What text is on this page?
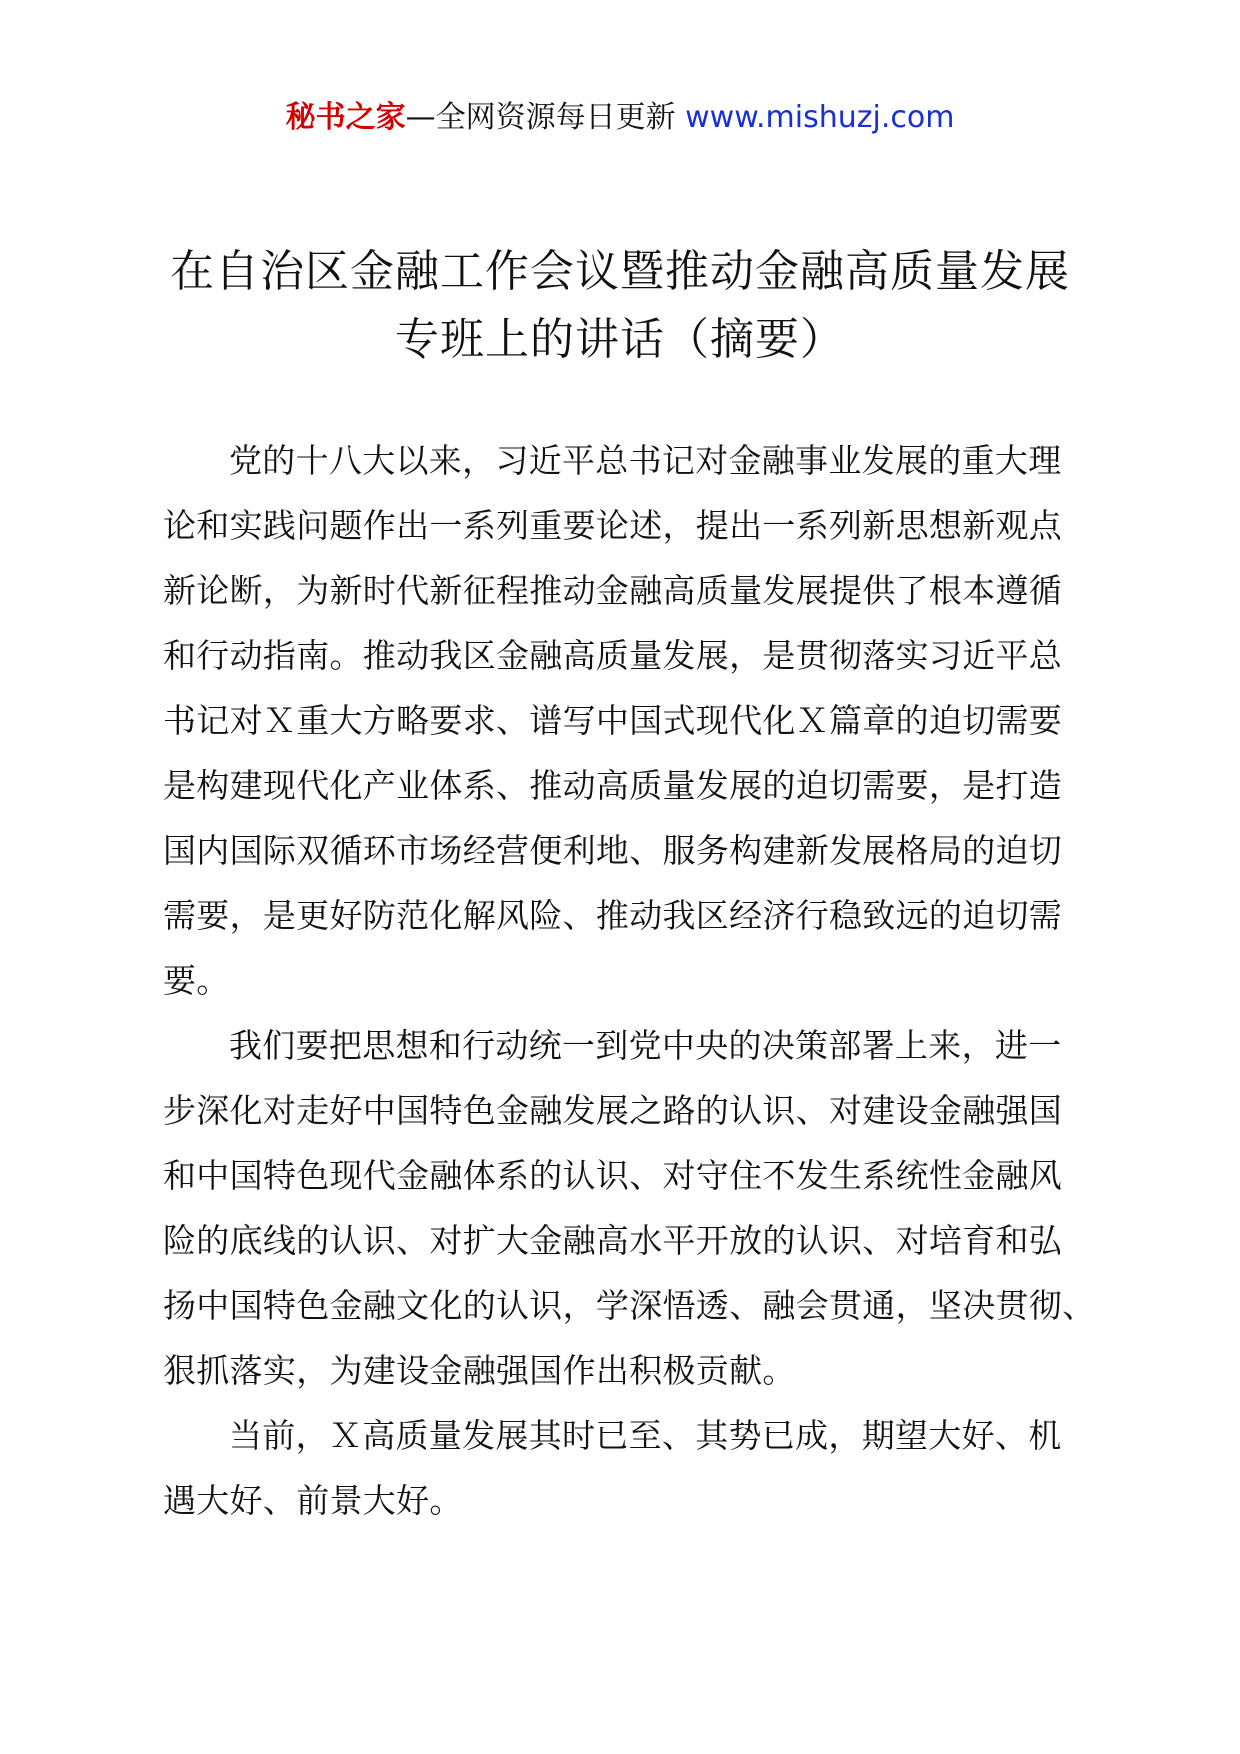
秘书之家—全网资源每日更新 www.mishuzj.com
在自治区金融工作会议暨推动金融高质量发展
专班上的讲话（摘要）

党的十八大以来，习近平总书记对金融事业发展的重大理
论和实践问题作出一系列重要论述，提出一系列新思想新观点
新论断，为新时代新征程推动金融高质量发展提供了根本遵循
和行动指南。推动我区金融高质量发展，是贯彻落实习近平总
书记对Ｘ重大方略要求、谱写中国式现代化Ｘ篇章的迫切需要
是构建现代化产业体系、推动高质量发展的迫切需要，是打造
国内国际双循环市场经营便利地、服务构建新发展格局的迫切
需要，是更好防范化解风险、推动我区经济行稳致远的迫切需
要。

我们要把思想和行动统一到党中央的决策部署上来，进一
步深化对走好中国特色金融发展之路的认识、对建设金融强国
和中国特色现代金融体系的认识、对守住不发生系统性金融风
险的底线的认识、对扩大金融高水平开放的认识、对培育和弘
扬中国特色金融文化的认识，学深悟透、融会贯通，坚决贯彻、
狠抓落实，为建设金融强国作出积极贡献。

当前，Ｘ高质量发展其时已至、其势已成，期望大好、机
遇大好、前景大好。
